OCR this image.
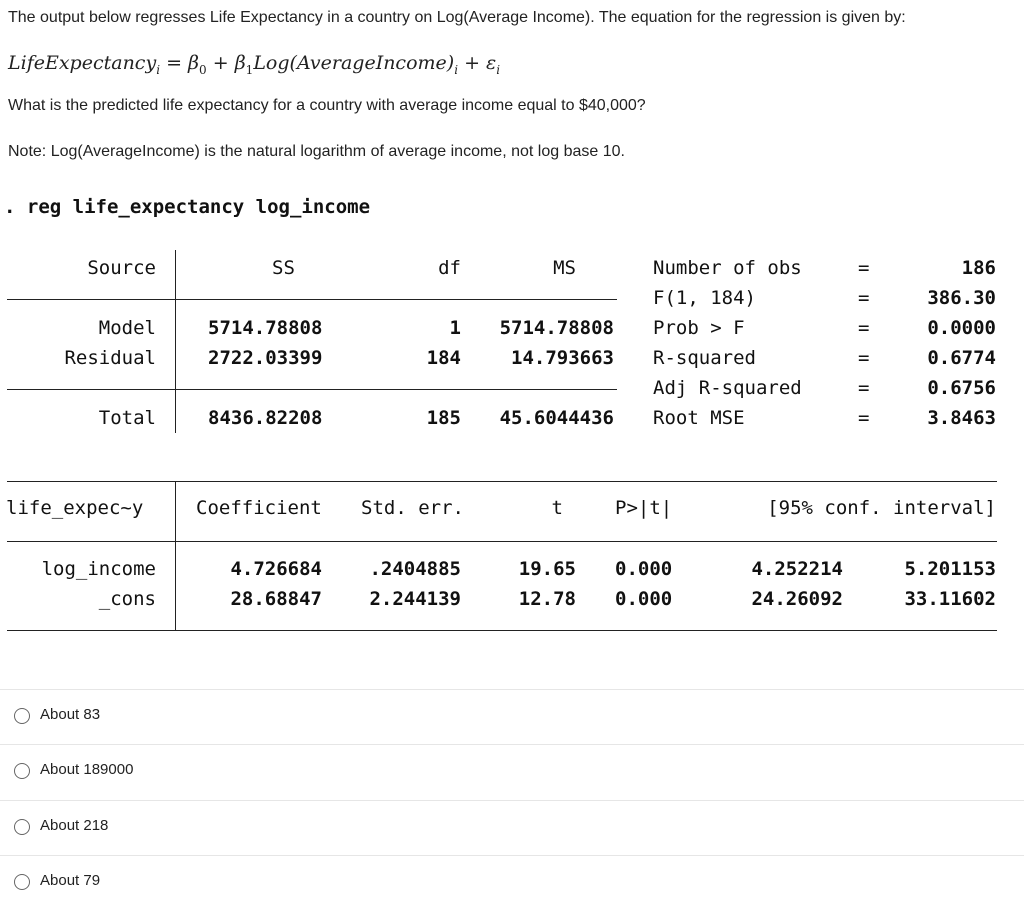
The output below regresses Life Expectancy in a country on Log(Average Income). The equation for the regression is given by:
LifeExpectancy$_i$ = $\beta_0$ + $\beta_1Log(AverageIncome)_i + \varepsilon_i$
What is the predicted life expectancy for a country with average income equal to $40,000?
Note: Log(AverageIncome) is the natural logarithm of average income, not log base 10.
. reg life_expectancy log_income
Source	SS	df	MS
Model	5714.78808	1 5714.78808
Residual	2722.03399	184	14.793663
Total	8436.82208	185 45.6044436
Number of obs	=	186
F(1, 184)	=	386.30
Prob > F	=	0.0000
R-squared	=	0.6774
Adj R-squared	=	0.6756
Root MSE	=	3.8463
life_expec~y	Coefficient Std. err.	t	P>|t|	[95% conf. interval]
log_income	4.726684 .2404885	19.65 0.000	4.252214	5.201153
_cons	28.68847 2.244139	12.78 0.000	24.26092	33.11602
About 83
About 189000
About 218
About 79
